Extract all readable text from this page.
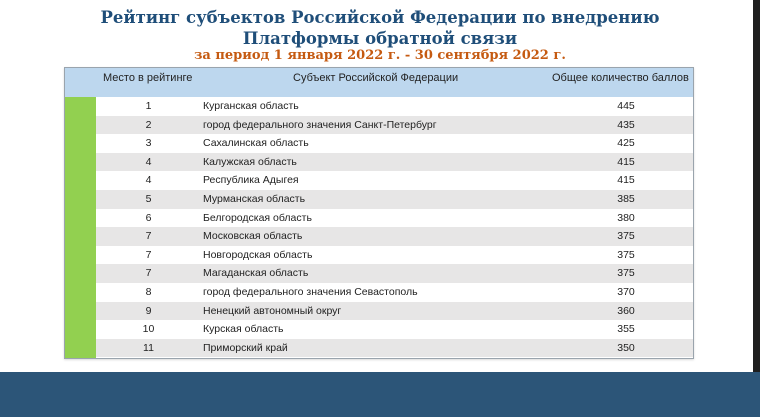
Рейтинг субъектов Российской Федерации по внедрению
Платформы обратной связи
за период 1 января 2022 г. - 30 сентября 2022 г.
Место в рейтинге	Субъект Российской Федерации	Общее количество баллов
1	Курганская область	445
2	город федерального значения Санкт-Петербург	435
3	Сахалинская область	425
4	Калужская область	415
4	Республика Адыгея	415
5	Мурманская область	385
6	Белгородская область	380
7	Московская область	375
7	Новгородская область	375
7	Магаданская область	375
8	город федерального значения Севастополь	370
9	Ненецкий автономный округ	360
10	Курская область	355
11	Приморский край	350
